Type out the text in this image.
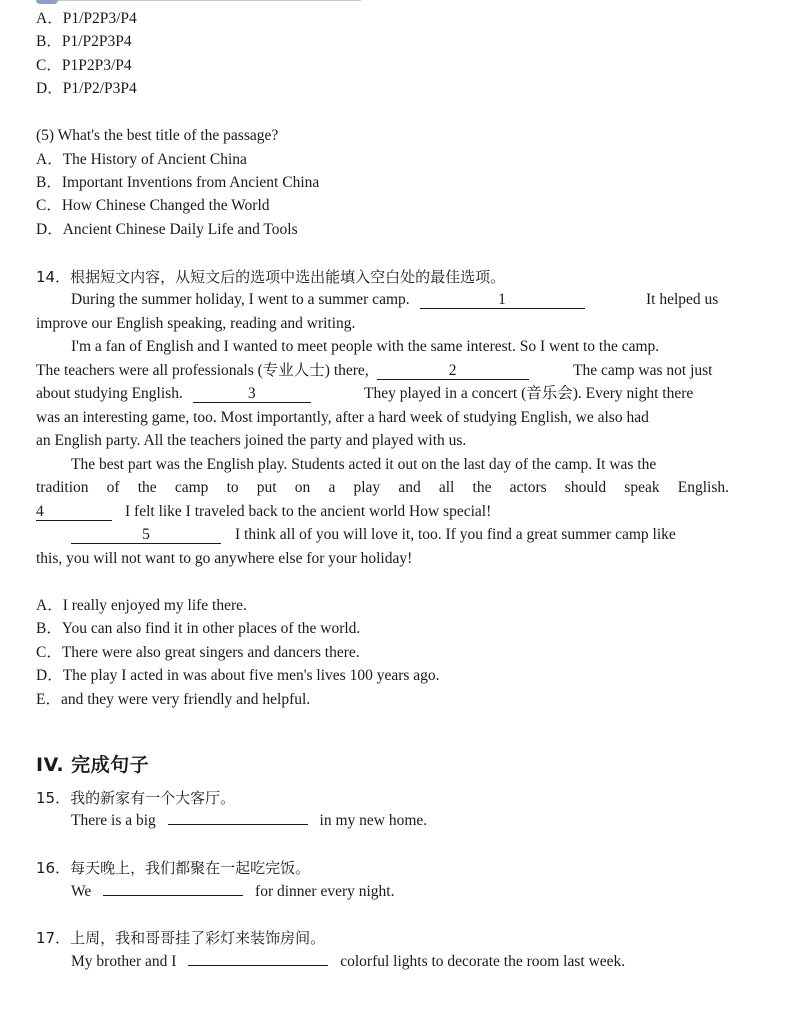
A．P1/P2P3/P4
B．P1/P2P3P4
C．P1P2P3/P4
D．P1/P2/P3P4
(5) What's the best title of the passage?
A．The History of Ancient China
B．Important Inventions from Ancient China
C．How Chinese Changed the World
D．Ancient Chinese Daily Life and Tools
14．根据短文内容，从短文后的选项中选出能填入空白处的最佳选项。
During the summer holiday, I went to a summer camp.	1	It helped us
improve our English speaking, reading and writing.
I'm a fan of English and I wanted to meet people with the same interest. So I went to the camp.
The teachers were all professionals (专业人士) there,	2	The camp was not just
about studying English.	3	They played in a concert (音乐会). Every night there
was an interesting game, too. Most importantly, after a hard week of studying English, we also had
an English party. All the teachers joined the party and played with us.
The best part was the English play. Students acted it out on the last day of the camp. It was the
tradition of the camp to put on a play and all the actors should speak English.
4	I felt like I traveled back to the ancient world How special!
5	I think all of you will love it, too. If you find a great summer camp like
this, you will not want to go anywhere else for your holiday!
A．I really enjoyed my life there.
B．You can also find it in other places of the world.
C．There were also great singers and dancers there.
D．The play I acted in was about five men's lives 100 years ago.
E．and they were very friendly and helpful.
IV. 完成句子
15．我的新家有一个大客厅。
There is a big	in my new home.
16．每天晚上，我们都聚在一起吃完饭。
We	for dinner every night.
17．上周，我和哥哥挂了彩灯来装饰房间。
My brother and I	colorful lights to decorate the room last week.
